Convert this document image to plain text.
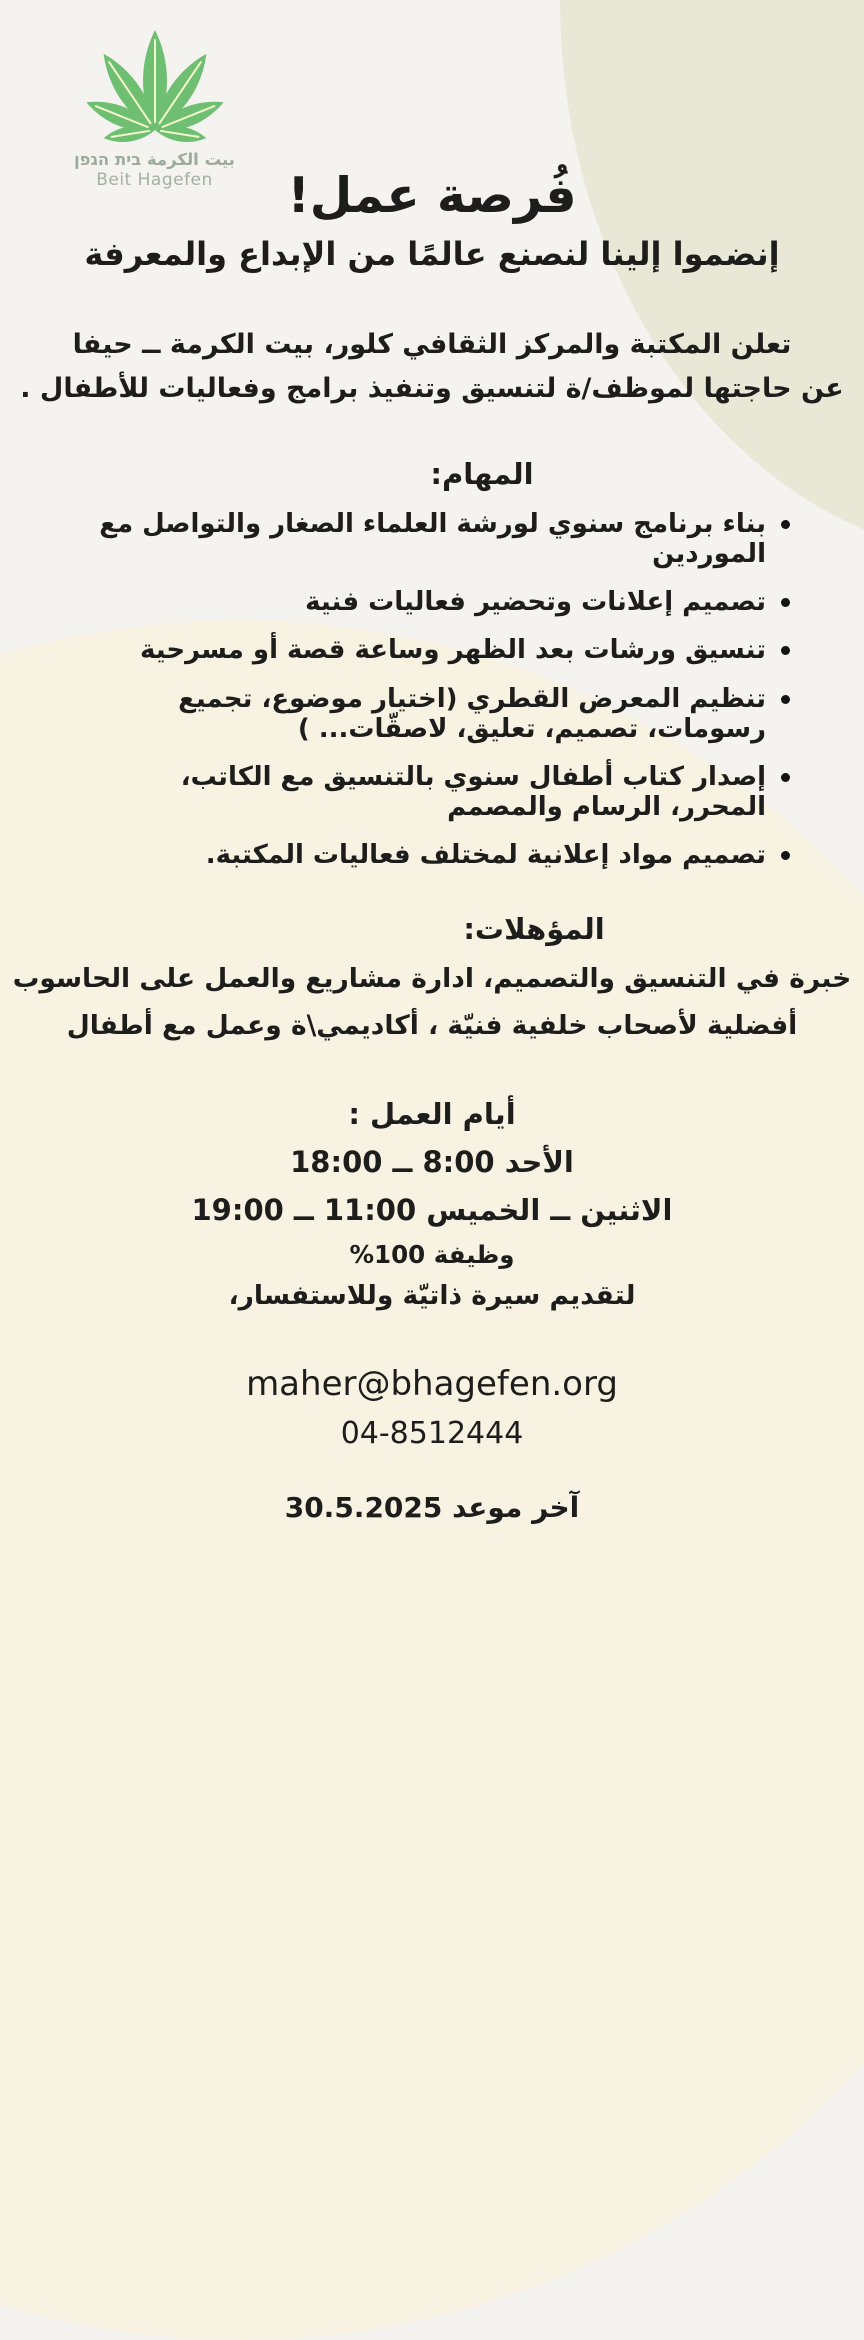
بيت الكرمة בית הגפן
Beit Hagefen	فُرصة عمل!
إنضموا إلينا لنصنع عالمًا من الإبداع والمعرفة
تعلن المكتبة والمركز الثقافي كلور، بيت الكرمة ــ حيفا
عن حاجتها لموظف/ة لتنسيق وتنفيذ برامج وفعاليات للأطفال .
المهام:
بناء برنامج سنوي لورشة العلماء الصغار والتواصل مع الموردين
تصميم إعلانات وتحضير فعاليات فنية
تنسيق ورشات بعد الظهر وساعة قصة أو مسرحية
تنظيم المعرض القطري (اختيار موضوع، تجميع رسومات، تصميم، تعليق، لاصقّات... )
إصدار كتاب أطفال سنوي بالتنسيق مع الكاتب، المحرر، الرسام والمصمم
تصميم مواد إعلانية لمختلف فعاليات المكتبة.
المؤهلات:
خبرة في التنسيق والتصميم، ادارة مشاريع والعمل على الحاسوب
أفضلية لأصحاب خلفية فنيّة ، أكاديمي\ة وعمل مع أطفال
أيام العمل :
الأحد 8:00 ــ 18:00
الاثنين ــ الخميس 11:00 ــ 19:00
وظيفة 100%
لتقديم سيرة ذاتيّة وللاستفسار،
maher@bhagefen.org
04-8512444
آخر موعد 30.5.2025
